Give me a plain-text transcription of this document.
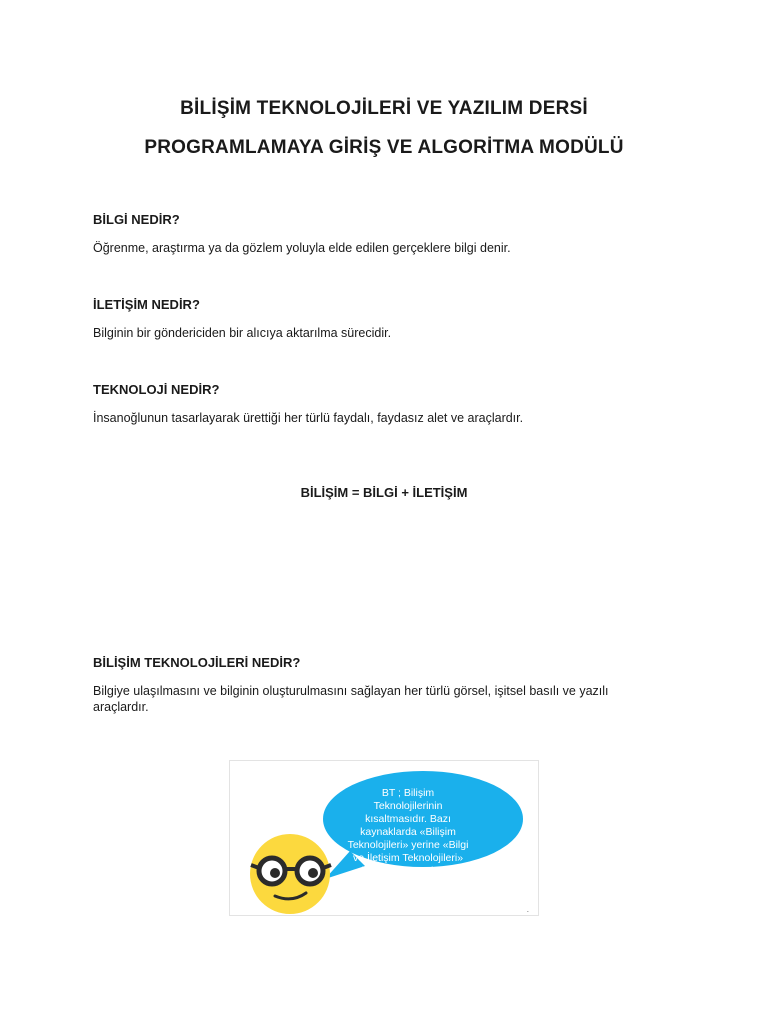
BİLİŞİM TEKNOLOJİLERİ VE YAZILIM DERSİ
PROGRAMLAMAYA GİRİŞ VE ALGORİTMA MODÜLÜ
BİLGİ NEDİR?
Öğrenme, araştırma ya da gözlem yoluyla elde edilen gerçeklere bilgi denir.
İLETİŞİM NEDİR?
Bilginin bir göndericiden bir alıcıya aktarılma sürecidir.
TEKNOLOJİ NEDİR?
İnsanoğlunun tasarlayarak ürettiği her türlü faydalı, faydasız alet ve araçlardır.
BİLİŞİM = BİLGİ + İLETİŞİM
BİLİŞİM TEKNOLOJİLERİ NEDİR?
Bilgiye ulaşılmasını ve bilginin oluşturulmasını sağlayan her türlü görsel, işitsel basılı ve yazılı araçlardır.
BT ; Bilişim
Teknolojilerinin
kısaltmasıdır. Bazı
kaynaklarda «Bilişim
Teknolojileri» yerine «Bilgi
ve İletişim Teknolojileri»
de kullanılmış olabilir.
.
